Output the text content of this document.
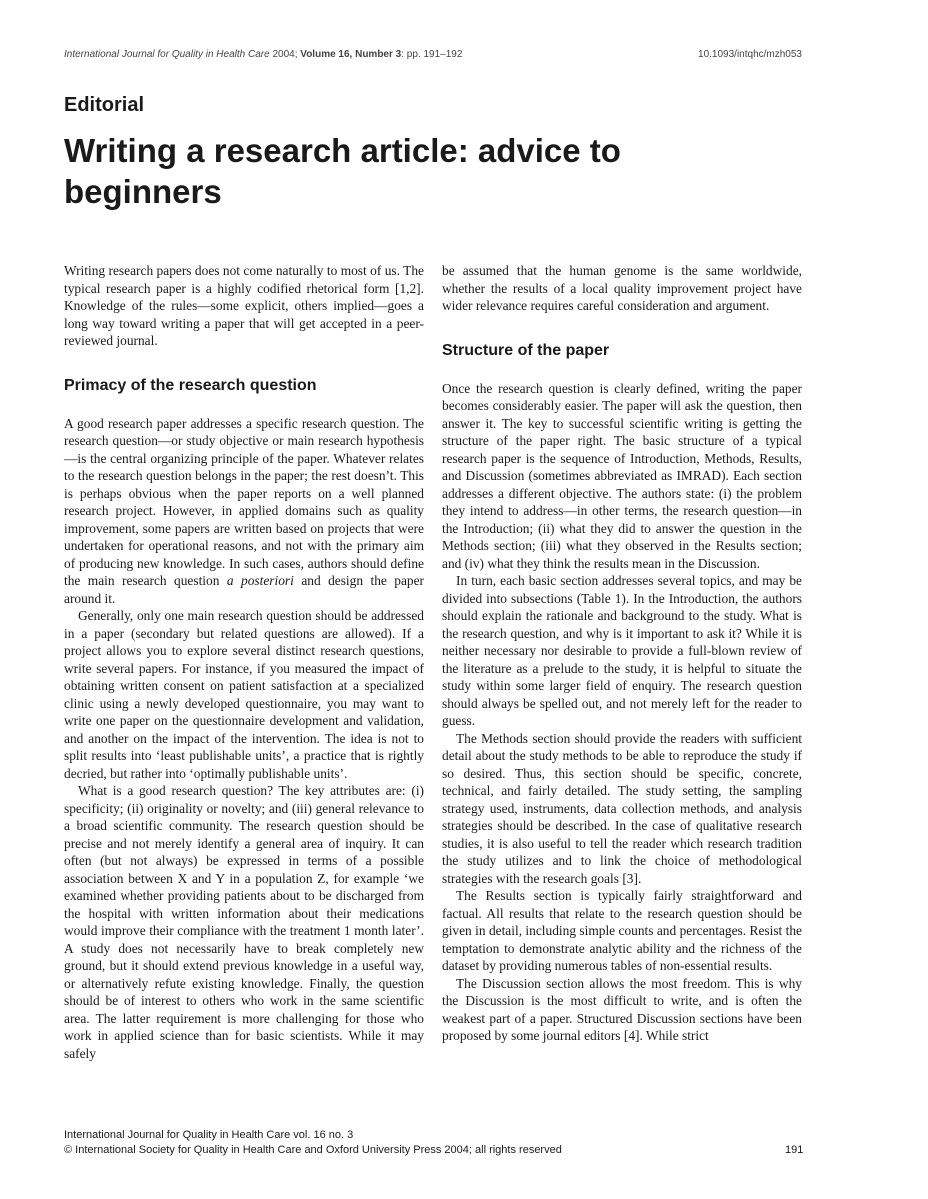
International Journal for Quality in Health Care 2004; Volume 16, Number 3: pp. 191–192	10.1093/intqhc/mzh053
Editorial
Writing a research article: advice to beginners

Writing research papers does not come naturally to most of us. The typical research paper is a highly codified rhetorical form [1,2]. Knowledge of the rules—some explicit, others implied—goes a long way toward writing a paper that will get accepted in a peer-reviewed journal.

Primacy of the research question

A good research paper addresses a specific research question. The research question—or study objective or main research hypothesis—is the central organizing principle of the paper. Whatever relates to the research question belongs in the paper; the rest doesn’t. This is perhaps obvious when the paper reports on a well planned research project. However, in applied domains such as quality improvement, some papers are written based on projects that were undertaken for operational reasons, and not with the primary aim of producing new knowledge. In such cases, authors should define the main research question a posteriori and design the paper around it.

Generally, only one main research question should be addressed in a paper (secondary but related questions are allowed). If a project allows you to explore several distinct research questions, write several papers. For instance, if you measured the impact of obtaining written consent on patient satisfaction at a specialized clinic using a newly developed questionnaire, you may want to write one paper on the questionnaire development and validation, and another on the impact of the intervention. The idea is not to split results into ‘least publishable units’, a practice that is rightly decried, but rather into ‘optimally publishable units’.

What is a good research question? The key attributes are: (i) specificity; (ii) originality or novelty; and (iii) general relevance to a broad scientific community. The research question should be precise and not merely identify a general area of inquiry. It can often (but not always) be expressed in terms of a possible association between X and Y in a population Z, for example ‘we examined whether providing patients about to be discharged from the hospital with written information about their medications would improve their compliance with the treatment 1 month later’. A study does not necessarily have to break completely new ground, but it should extend previous knowledge in a useful way, or alternatively refute existing knowledge. Finally, the question should be of interest to others who work in the same scientific area. The latter requirement is more challenging for those who work in applied science than for basic scientists. While it may safely

be assumed that the human genome is the same worldwide, whether the results of a local quality improvement project have wider relevance requires careful consideration and argument.

Structure of the paper

Once the research question is clearly defined, writing the paper becomes considerably easier. The paper will ask the question, then answer it. The key to successful scientific writing is getting the structure of the paper right. The basic structure of a typical research paper is the sequence of Introduction, Methods, Results, and Discussion (sometimes abbreviated as IMRAD). Each section addresses a different objective. The authors state: (i) the problem they intend to address—in other terms, the research question—in the Introduction; (ii) what they did to answer the question in the Methods section; (iii) what they observed in the Results section; and (iv) what they think the results mean in the Discussion.

In turn, each basic section addresses several topics, and may be divided into subsections (Table 1). In the Introduction, the authors should explain the rationale and background to the study. What is the research question, and why is it important to ask it? While it is neither necessary nor desirable to provide a full-blown review of the literature as a prelude to the study, it is helpful to situate the study within some larger field of enquiry. The research question should always be spelled out, and not merely left for the reader to guess.

The Methods section should provide the readers with sufficient detail about the study methods to be able to reproduce the study if so desired. Thus, this section should be specific, concrete, technical, and fairly detailed. The study setting, the sampling strategy used, instruments, data collection methods, and analysis strategies should be described. In the case of qualitative research studies, it is also useful to tell the reader which research tradition the study utilizes and to link the choice of methodological strategies with the research goals [3].

The Results section is typically fairly straightforward and factual. All results that relate to the research question should be given in detail, including simple counts and percentages. Resist the temptation to demonstrate analytic ability and the richness of the dataset by providing numerous tables of non-essential results.

The Discussion section allows the most freedom. This is why the Discussion is the most difficult to write, and is often the weakest part of a paper. Structured Discussion sections have been proposed by some journal editors [4]. While strict

International Journal for Quality in Health Care vol. 16 no. 3
© International Society for Quality in Health Care and Oxford University Press 2004; all rights reserved	191
